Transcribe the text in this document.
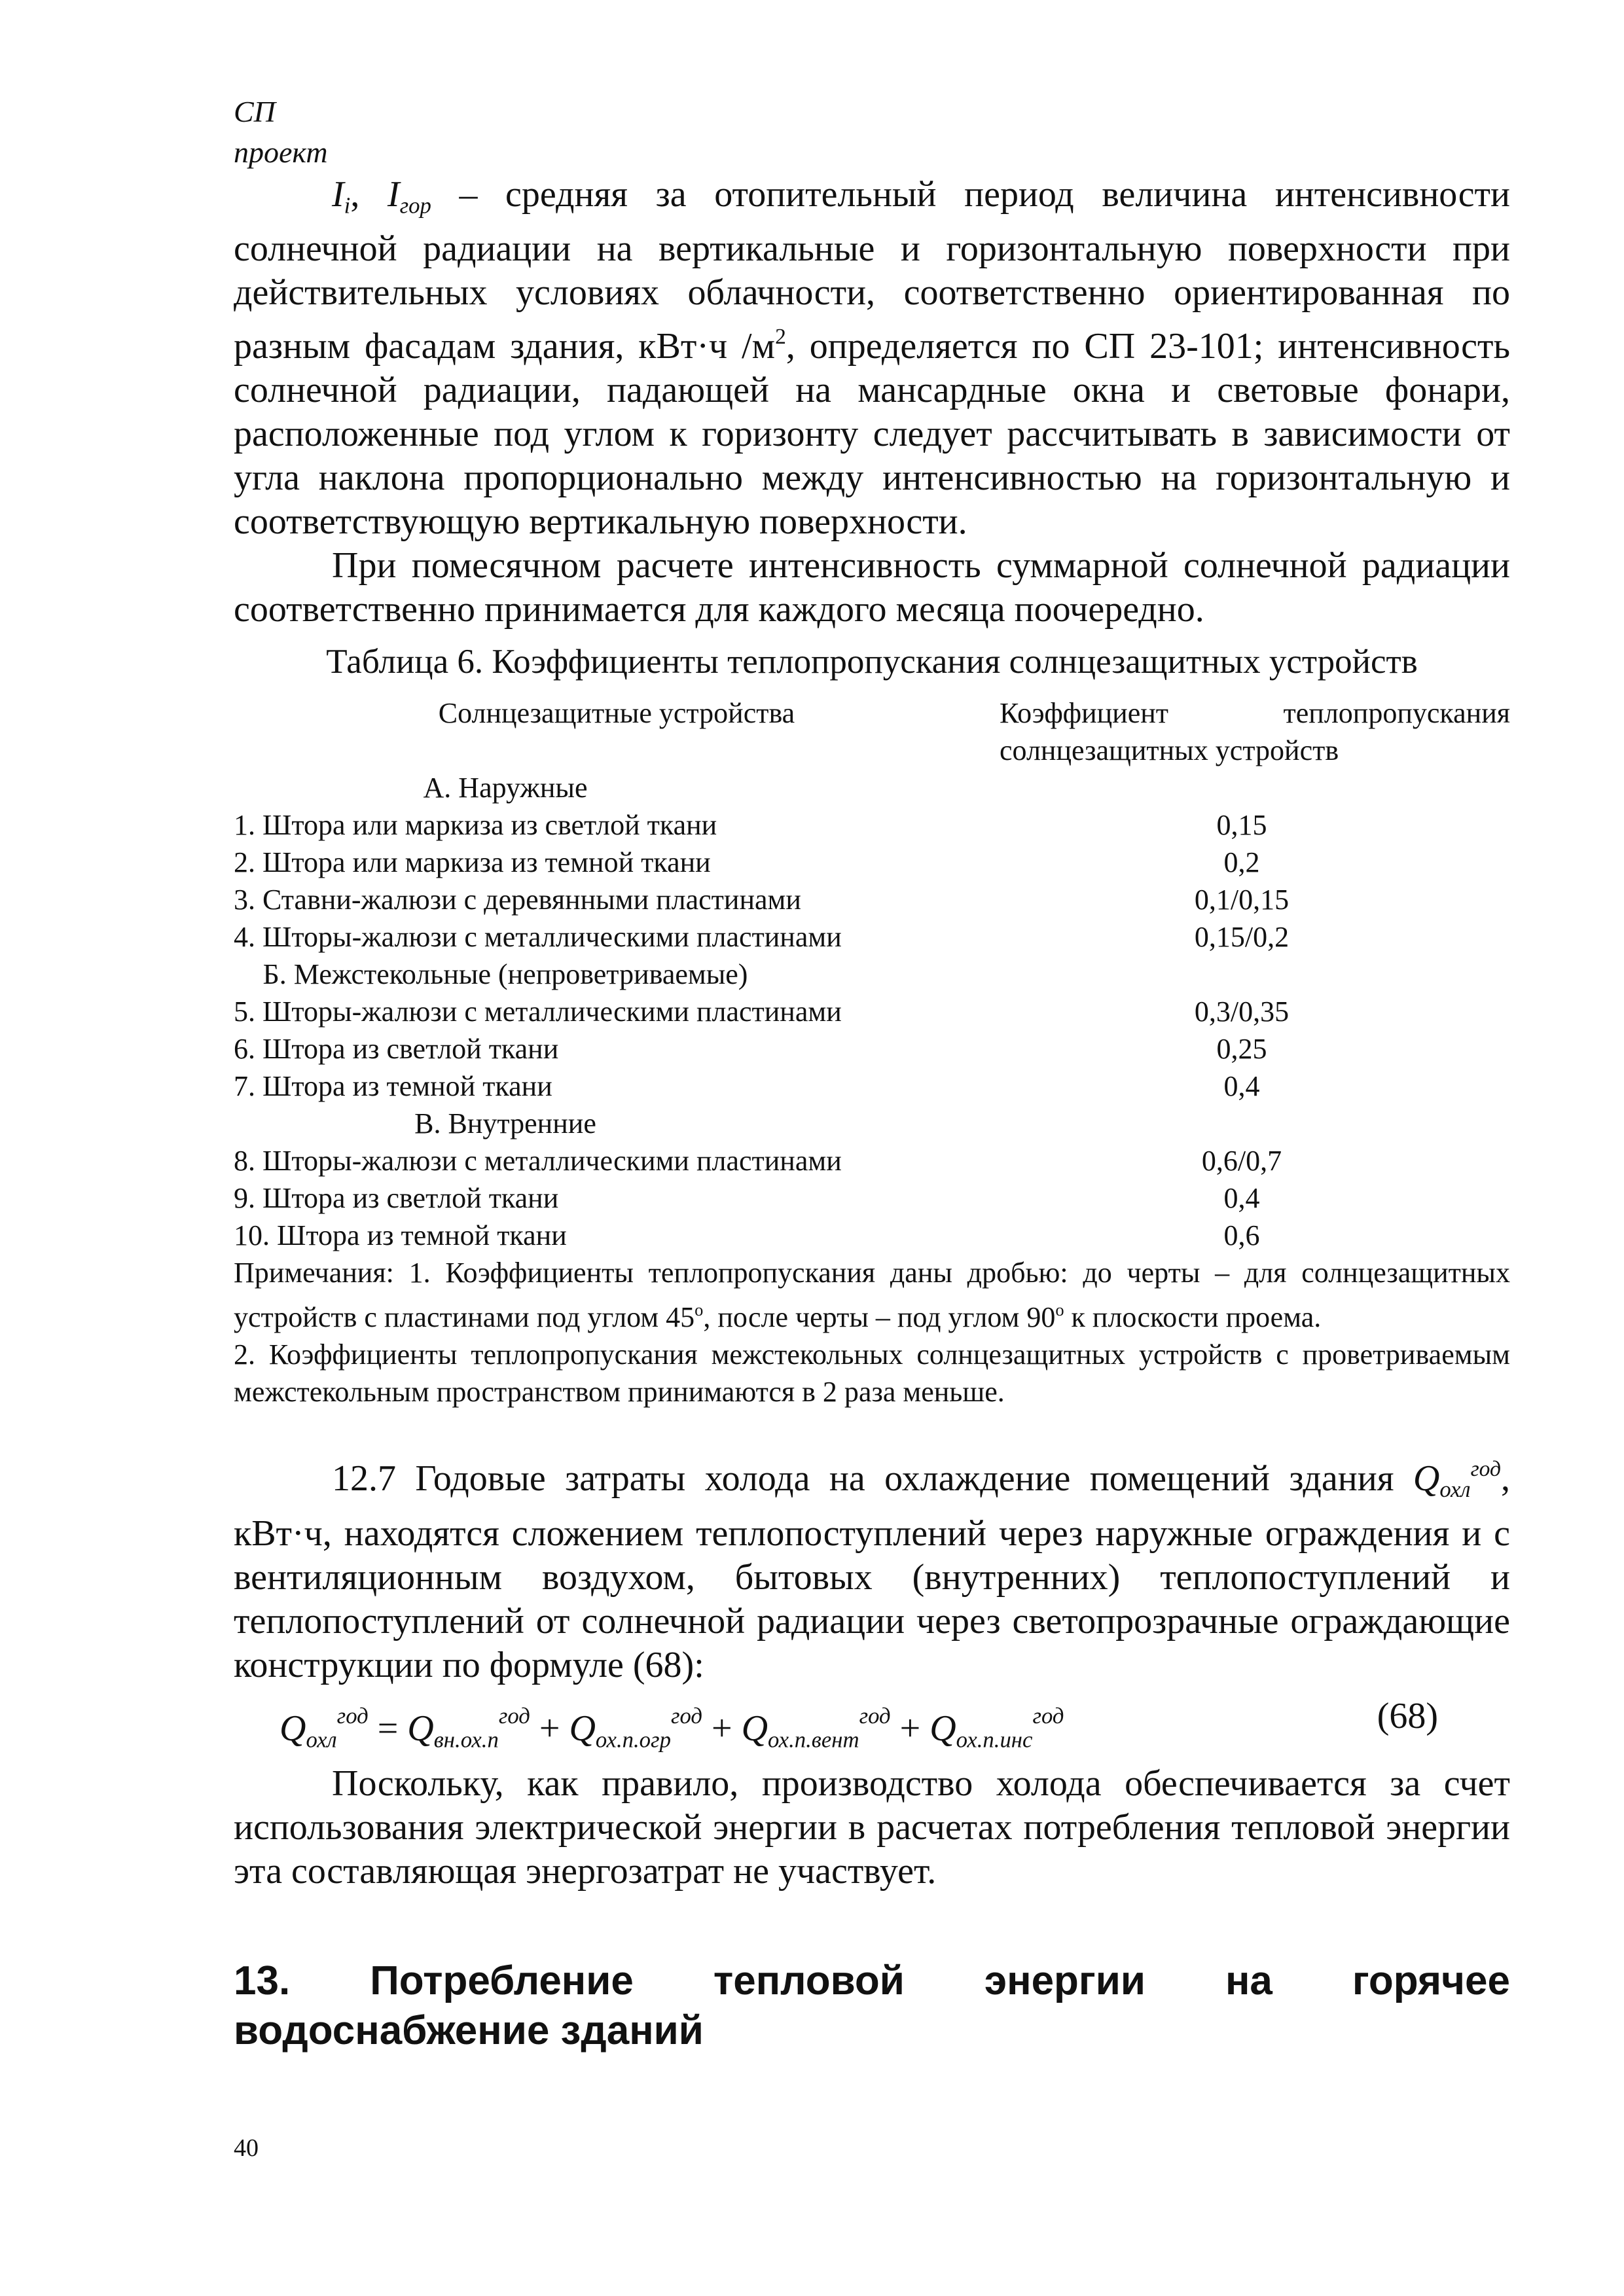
СП
проект

$I_i$, $I_{гор}$ – средняя за отопительный период величина интенсивности солнечной радиации на вертикальные и горизонтальную поверхности при действительных условиях облачности, соответственно ориентированная по разным фасадам здания, кВт·ч $/м^2$, определяется по СП 23-101; интенсивность солнечной радиации, падающей на мансардные окна и световые фонари, расположенные под углом к горизонту следует рассчитывать в зависимости от угла наклона пропорционально между интенсивностью на горизонтальную и соответствующую вертикальную поверхности.

При помесячном расчете интенсивность суммарной солнечной радиации соответственно принимается для каждого месяца поочередно.

Таблица 6. Коэффициенты теплопропускания солнцезащитных устройств
Солнцезащитные устройства	Коэффициент теплопропускания
солнцезащитных устройств

А. Наружные	
1. Штора или маркиза из светлой ткани	0,15
2. Штора или маркиза из темной ткани	0,2
3. Ставни-жалюзи с деревянными пластинами	0,1/0,15
4. Шторы-жалюзи с металлическими пластинами	0,15/0,2
Б. Межстекольные (непроветриваемые)	
5. Шторы-жалюзи с металлическими пластинами	0,3/0,35
6. Штора из светлой ткани	0,25
7. Штора из темной ткани	0,4
В. Внутренние	
8. Шторы-жалюзи с металлическими пластинами	0,6/0,7
9. Штора из светлой ткани	0,4
10. Штора из темной ткани	0,6
Примечания: 1. Коэффициенты теплопропускания даны дробью: до черты – для солнцезащитных устройств с пластинами под углом $45^о$, после черты – под углом $90^о$ к плоскости проема.
2. Коэффициенты теплопропускания межстекольных солнцезащитных устройств с проветриваемым межстекольным пространством принимаются в 2 раза меньше.

12.7 Годовые затраты холода на охлаждение помещений здания $Q_{охл}^{год}$, кВт·ч, находятся сложением теплопоступлений через наружные ограждения и с вентиляционным воздухом, бытовых (внутренних) теплопоступлений и теплопоступлений от солнечной радиации через светопрозрачные ограждающие конструкции по формуле (68):

Qохл$^{год}$ = $Qвн.ох.п^{год} + Qох.п.огр^{год}$ + Qох.п.вент$^{год}$ + Qох.п.инс$^{год}$	(68)

Поскольку, как правило, производство холода обеспечивается за счет использования электрической энергии в расчетах потребления тепловой энергии эта составляющая энергозатрат не участвует.

13. Потребление тепловой энергии на горячее
водоснабжение зданий
40
